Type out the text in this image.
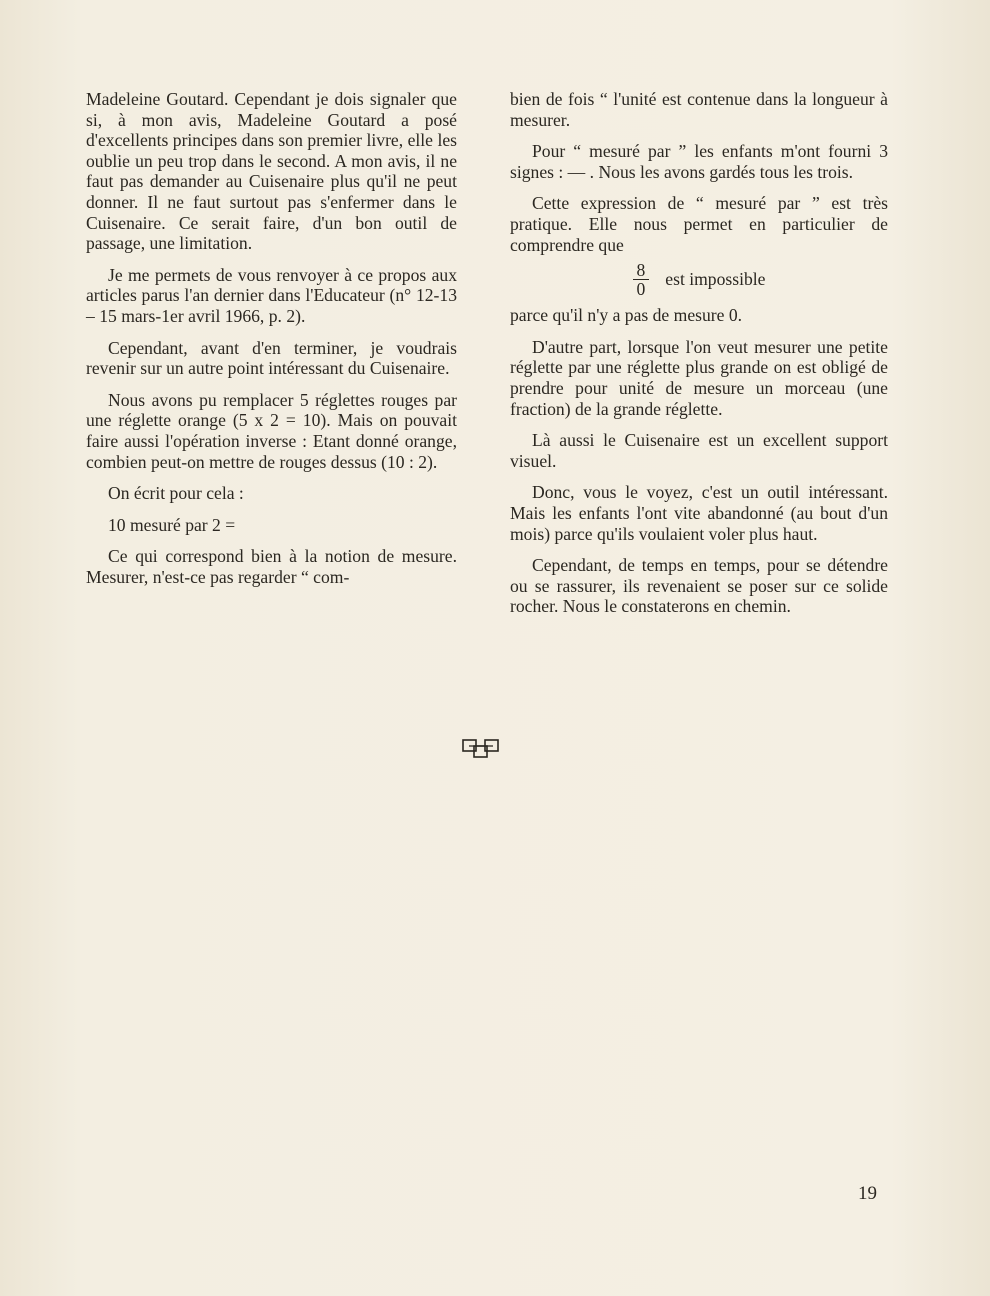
Madeleine Goutard. Cependant je dois signaler que si, à mon avis, Madeleine Goutard a posé d'excellents principes dans son premier livre, elle les oublie un peu trop dans le second. A mon avis, il ne faut pas demander au Cuisenaire plus qu'il ne peut donner. Il ne faut surtout pas s'enfermer dans le Cuisenaire. Ce serait faire, d'un bon outil de passage, une limitation.

Je me permets de vous renvoyer à ce propos aux articles parus l'an dernier dans l'Educateur (n° 12-13 – 15 mars-1er avril 1966, p. 2).

Cependant, avant d'en terminer, je voudrais revenir sur un autre point intéressant du Cuisenaire.

Nous avons pu remplacer 5 réglettes rouges par une réglette orange (5 x 2 = 10). Mais on pouvait faire aussi l'opération inverse : Etant donné orange, combien peut-on mettre de rouges dessus (10 : 2).

On écrit pour cela :

10 mesuré par 2 =

Ce qui correspond bien à la notion de mesure. Mesurer, n'est-ce pas regarder “ com-

bien de fois “ l'unité est contenue dans la longueur à mesurer.

Pour “ mesuré par ” les enfants m'ont fourni 3 signes : — . Nous les avons gardés tous les trois.

Cette expression de “ mesuré par ” est très pratique. Elle nous permet en particulier de comprendre que

$\frac{8}{0}$ est impossible

parce qu'il n'y a pas de mesure 0.

D'autre part, lorsque l'on veut mesurer une petite réglette par une réglette plus grande on est obligé de prendre pour unité de mesure un morceau (une fraction) de la grande réglette.

Là aussi le Cuisenaire est un excellent support visuel.

Donc, vous le voyez, c'est un outil intéressant. Mais les enfants l'ont vite abandonné (au bout d'un mois) parce qu'ils voulaient voler plus haut.

Cependant, de temps en temps, pour se détendre ou se rassurer, ils revenaient se poser sur ce solide rocher. Nous le constaterons en chemin.

19
